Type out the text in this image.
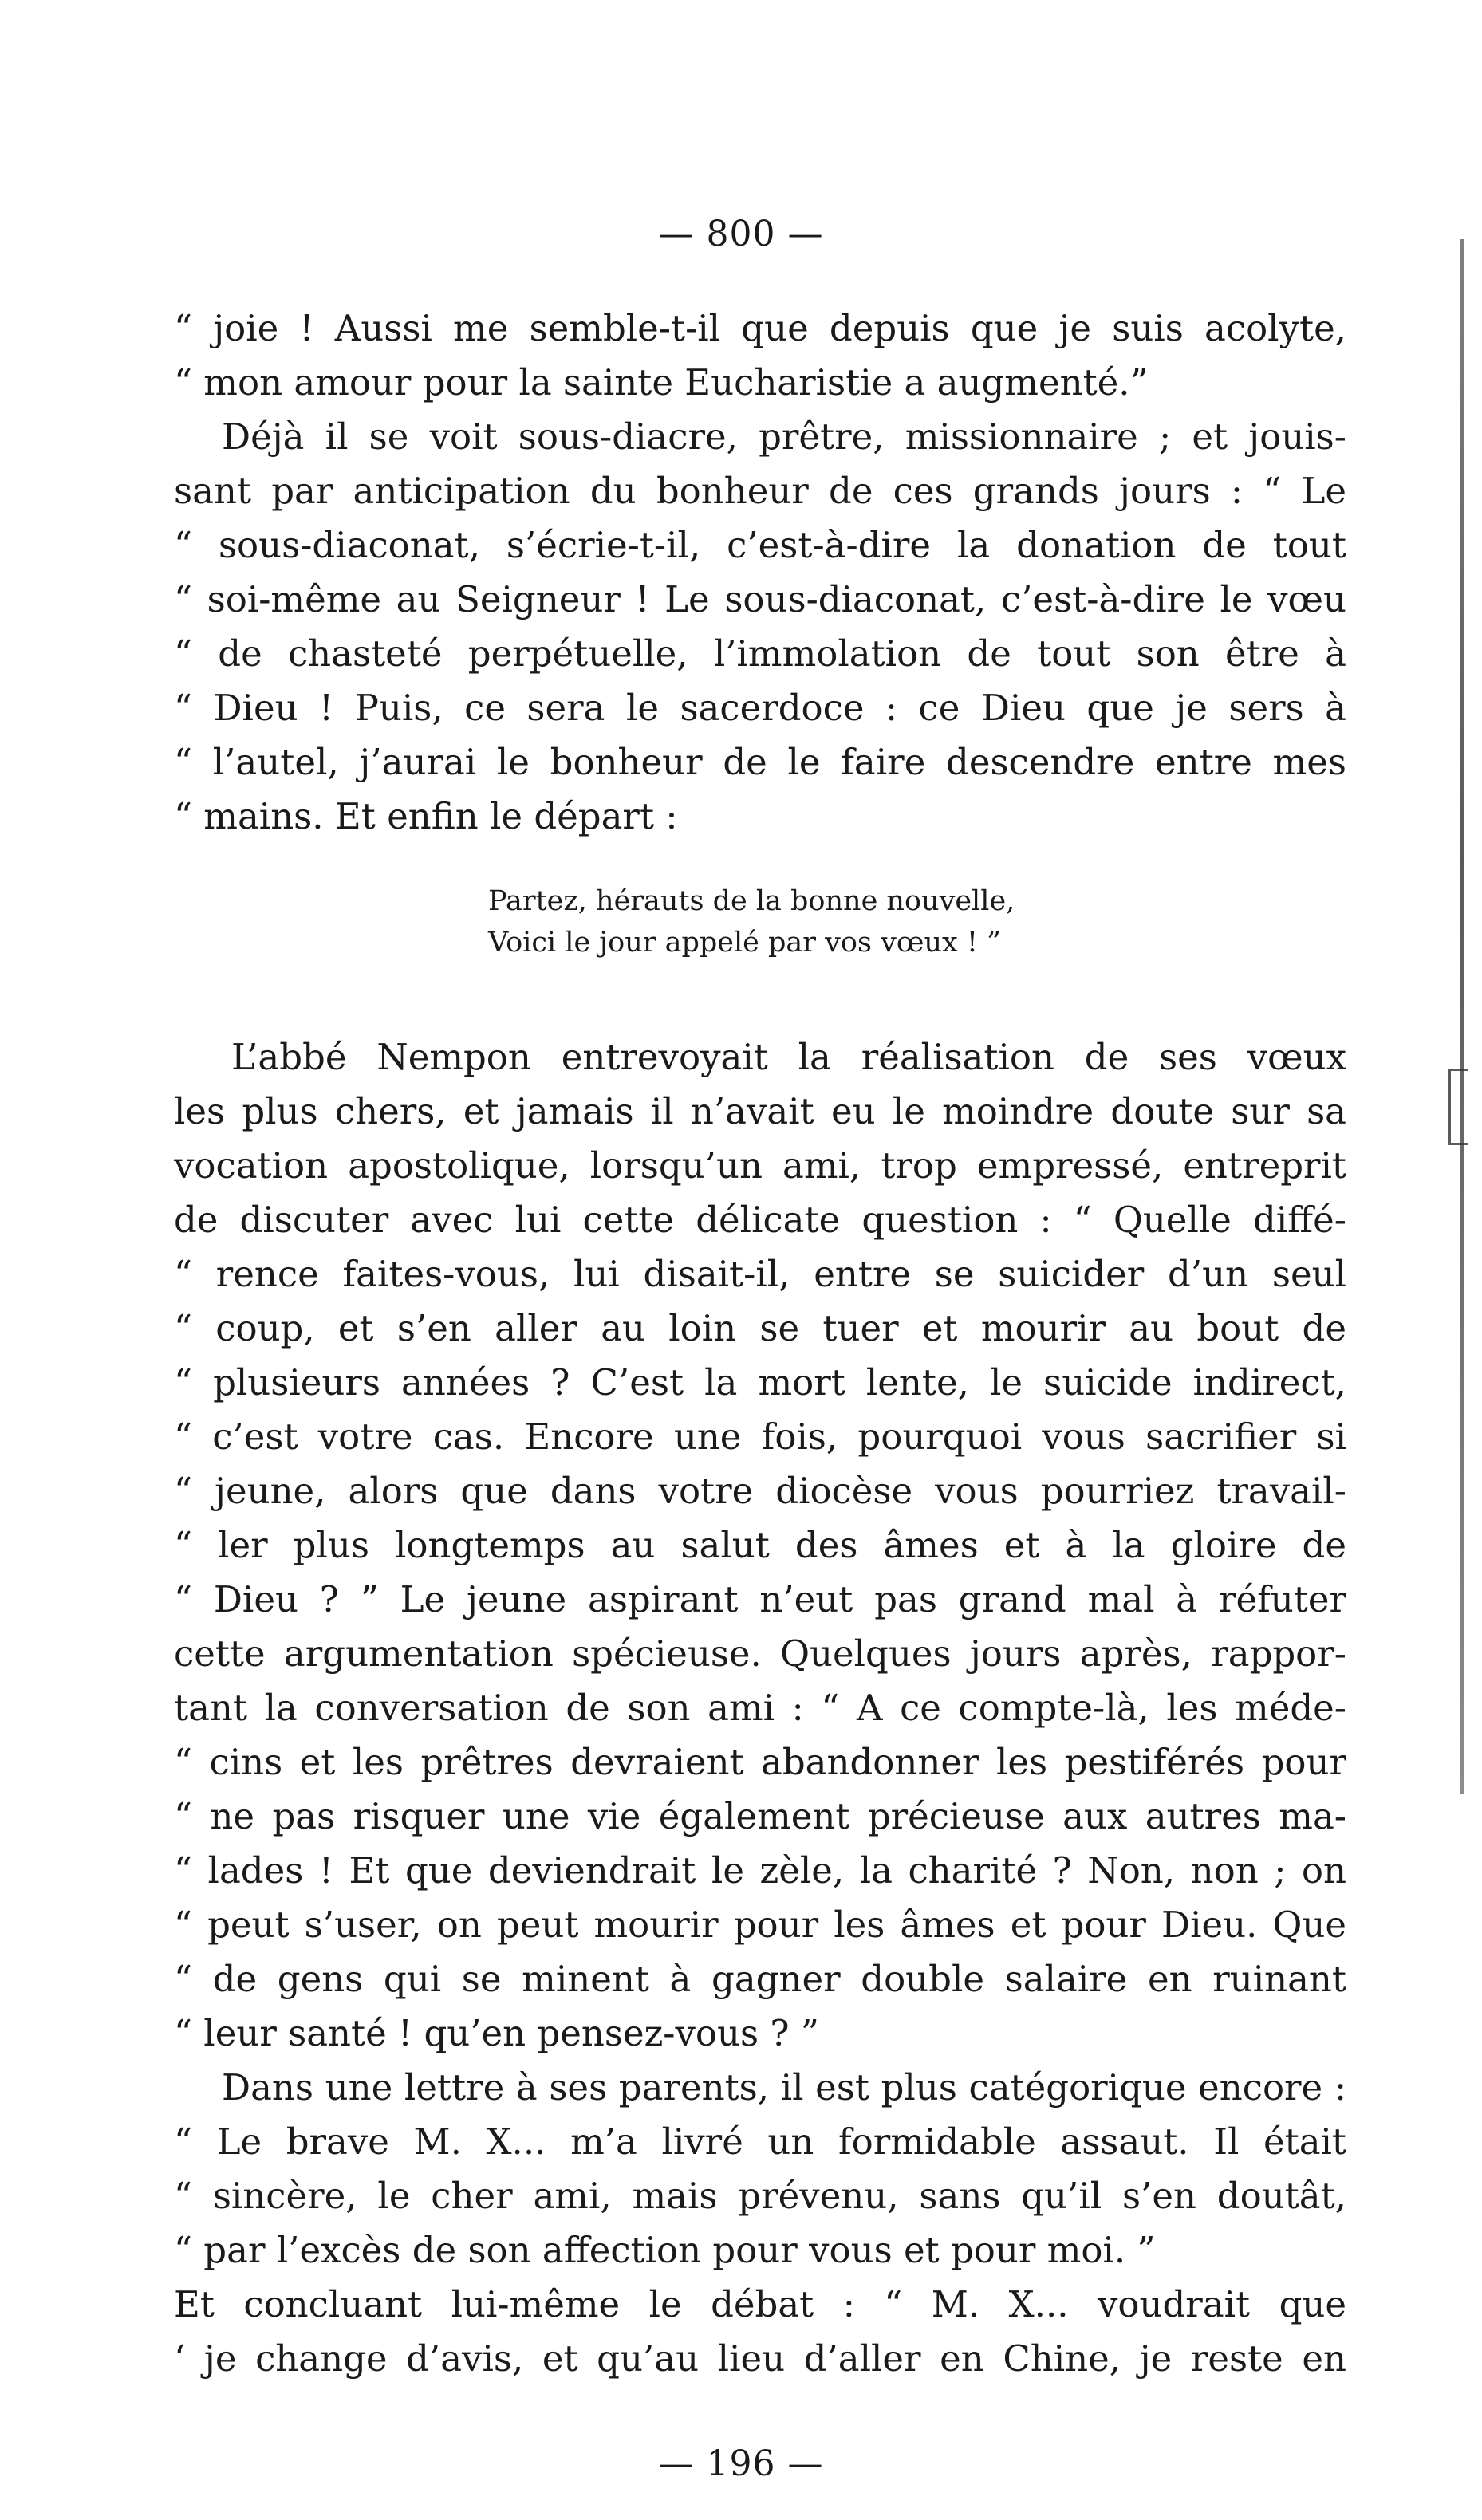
— 800 —
“ joie ! Aussi me semble-t-il que depuis que je suis acolyte,
“ mon amour pour la sainte Eucharistie a augmenté.”
Déjà il se voit sous-diacre, prêtre, missionnaire ; et jouis-
sant par anticipation du bonheur de ces grands jours : “ Le
“ sous-diaconat, s’écrie-t-il, c’est-à-dire la donation de tout
“ soi-même au Seigneur ! Le sous-diaconat, c’est-à-dire le vœu
“ de chasteté perpétuelle, l’immolation de tout son être à
“ Dieu ! Puis, ce sera le sacerdoce : ce Dieu que je sers à
“ l’autel, j’aurai le bonheur de le faire descendre entre mes
“ mains. Et enfin le départ :
Partez, hérauts de la bonne nouvelle,
Voici le jour appelé par vos vœux ! ”
L’abbé Nempon entrevoyait la réalisation de ses vœux
les plus chers, et jamais il n’avait eu le moindre doute sur sa
vocation apostolique, lorsqu’un ami, trop empressé, entreprit
de discuter avec lui cette délicate question : “ Quelle diffé-
“ rence faites-vous, lui disait-il, entre se suicider d’un seul
“ coup, et s’en aller au loin se tuer et mourir au bout de
“ plusieurs années ? C’est la mort lente, le suicide indirect,
“ c’est votre cas. Encore une fois, pourquoi vous sacrifier si
“ jeune, alors que dans votre diocèse vous pourriez travail-
“ ler plus longtemps au salut des âmes et à la gloire de
“ Dieu ? ” Le jeune aspirant n’eut pas grand mal à réfuter
cette argumentation spécieuse. Quelques jours après, rappor-
tant la conversation de son ami : “ A ce compte-là, les méde-
“ cins et les prêtres devraient abandonner les pestiférés pour
“ ne pas risquer une vie également précieuse aux autres ma-
“ lades ! Et que deviendrait le zèle, la charité ? Non, non ; on
“ peut s’user, on peut mourir pour les âmes et pour Dieu. Que
“ de gens qui se minent à gagner double salaire en ruinant
“ leur santé ! qu’en pensez-vous ? ”
Dans une lettre à ses parents, il est plus catégorique encore :
“ Le brave M. X... m’a livré un formidable assaut. Il était
“ sincère, le cher ami, mais prévenu, sans qu’il s’en doutât,
“ par l’excès de son affection pour vous et pour moi. ”
Et concluant lui-même le débat : “ M. X... voudrait que
‘ je change d’avis, et qu’au lieu d’aller en Chine, je reste en
— 196 —
